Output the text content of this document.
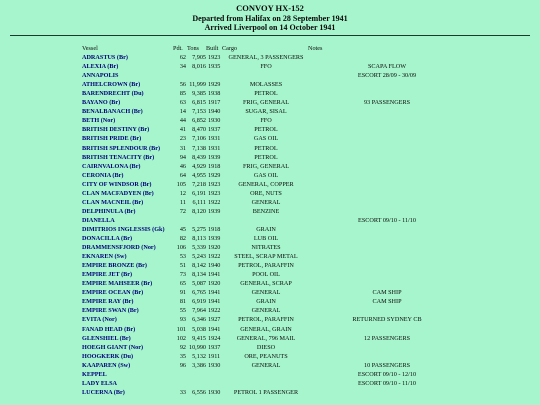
CONVOY HX-152
Departed from Halifax on 28 September 1941
Arrived Liverpool on 14 October 1941
Vessel	Pdt. Tons Built Cargo	Notes
ADRASTUS (Br)	62 7,905 1923	GENERAL, 3 PASSENGERS
ALEXIA (Br)	34 8,016 1935	FFO	SCAPA FLOW
ANNAPOLIS	ESCORT 28/09 - 30/09
ATHELCROWN (Br)	56 11,999 1929	MOLASSES
BARENDRECHT (Du)	85 9,385 1938	PETROL
BAYANO (Br)	63 6,815 1917	FRIG, GENERAL	93 PASSENGERS
BENALBANACH (Br)	14 7,153 1940	SUGAR, SISAL
BETH (Nor)	44 6,852 1930	FFO
BRITISH DESTINY (Br)	41 8,470 1937	PETROL
BRITISH PRIDE (Br)	23 7,106 1931	GAS OIL
BRITISH SPLENDOUR (Br)	31 7,138 1931	PETROL
BRITISH TENACITY (Br)	94 8,439 1939	PETROL
CAIRNVALONA (Br)	46 4,929 1918	FRIG, GENERAL
CERONIA (Br)	64 4,955 1929	GAS OIL
CITY OF WINDSOR (Br)	105 7,218 1923	GENERAL, COPPER
CLAN MACFADYEN (Br)	12 6,191 1923	ORE, NUTS
CLAN MACNEIL (Br)	11	6,111 1922	GENERAL
DELPHINULA (Br)	72 8,120 1939	BENZINE
DIANELLA	ESCORT 09/10 - 11/10
DIMITRIOS INGLESSIS (Gk)	45 5,275 1918	GRAIN
DONACILLA (Br)	82	8,113 1939	LUB OIL
DRAMMENSFJORD (Nor)	106 5,339 1920	NITRATES
EKNAREN (Sw)	53 5,243 1922	STEEL, SCRAP METAL
EMPIRE BRONZE (Br)	51 8,142 1940	PETROL, PARAFFIN
EMPIRE JET (Br)	73 8,134 1941	POOL OIL
EMPIRE MAHSEER (Br)	65 5,087 1920	GENERAL, SCRAP
EMPIRE OCEAN (Br)	91 6,765 1941	GENERAL	CAM SHIP
EMPIRE RAY (Br)	81 6,919 1941	GRAIN	CAM SHIP
EMPIRE SWAN (Br)	55 7,964 1922	GENERAL
EVITA (Nor)	93 6,346 1927	PETROL, PARAFFIN	RETURNED SYDNEY CB
FANAD HEAD (Br)	101 5,038 1941	GENERAL, GRAIN
GLENSHIEL (Br)	102 9,415 1924	GENERAL, 796 MAIL	12 PASSENGERS
HOEGH GIANT (Nor)	92 10,990 1937	DIESO
HOOGKERK (Du)	35 5,132 1911	ORE, PEANUTS
KAAPAREN (Sw)	96 3,386 1930	GENERAL	10 PASSENGERS
KEPPEL	ESCORT 09/10 - 12/10
LADY ELSA	ESCORT 09/10 - 11/10
LUCERNA (Br)	33 6,556 1930	PETROL 1 PASSENGER
